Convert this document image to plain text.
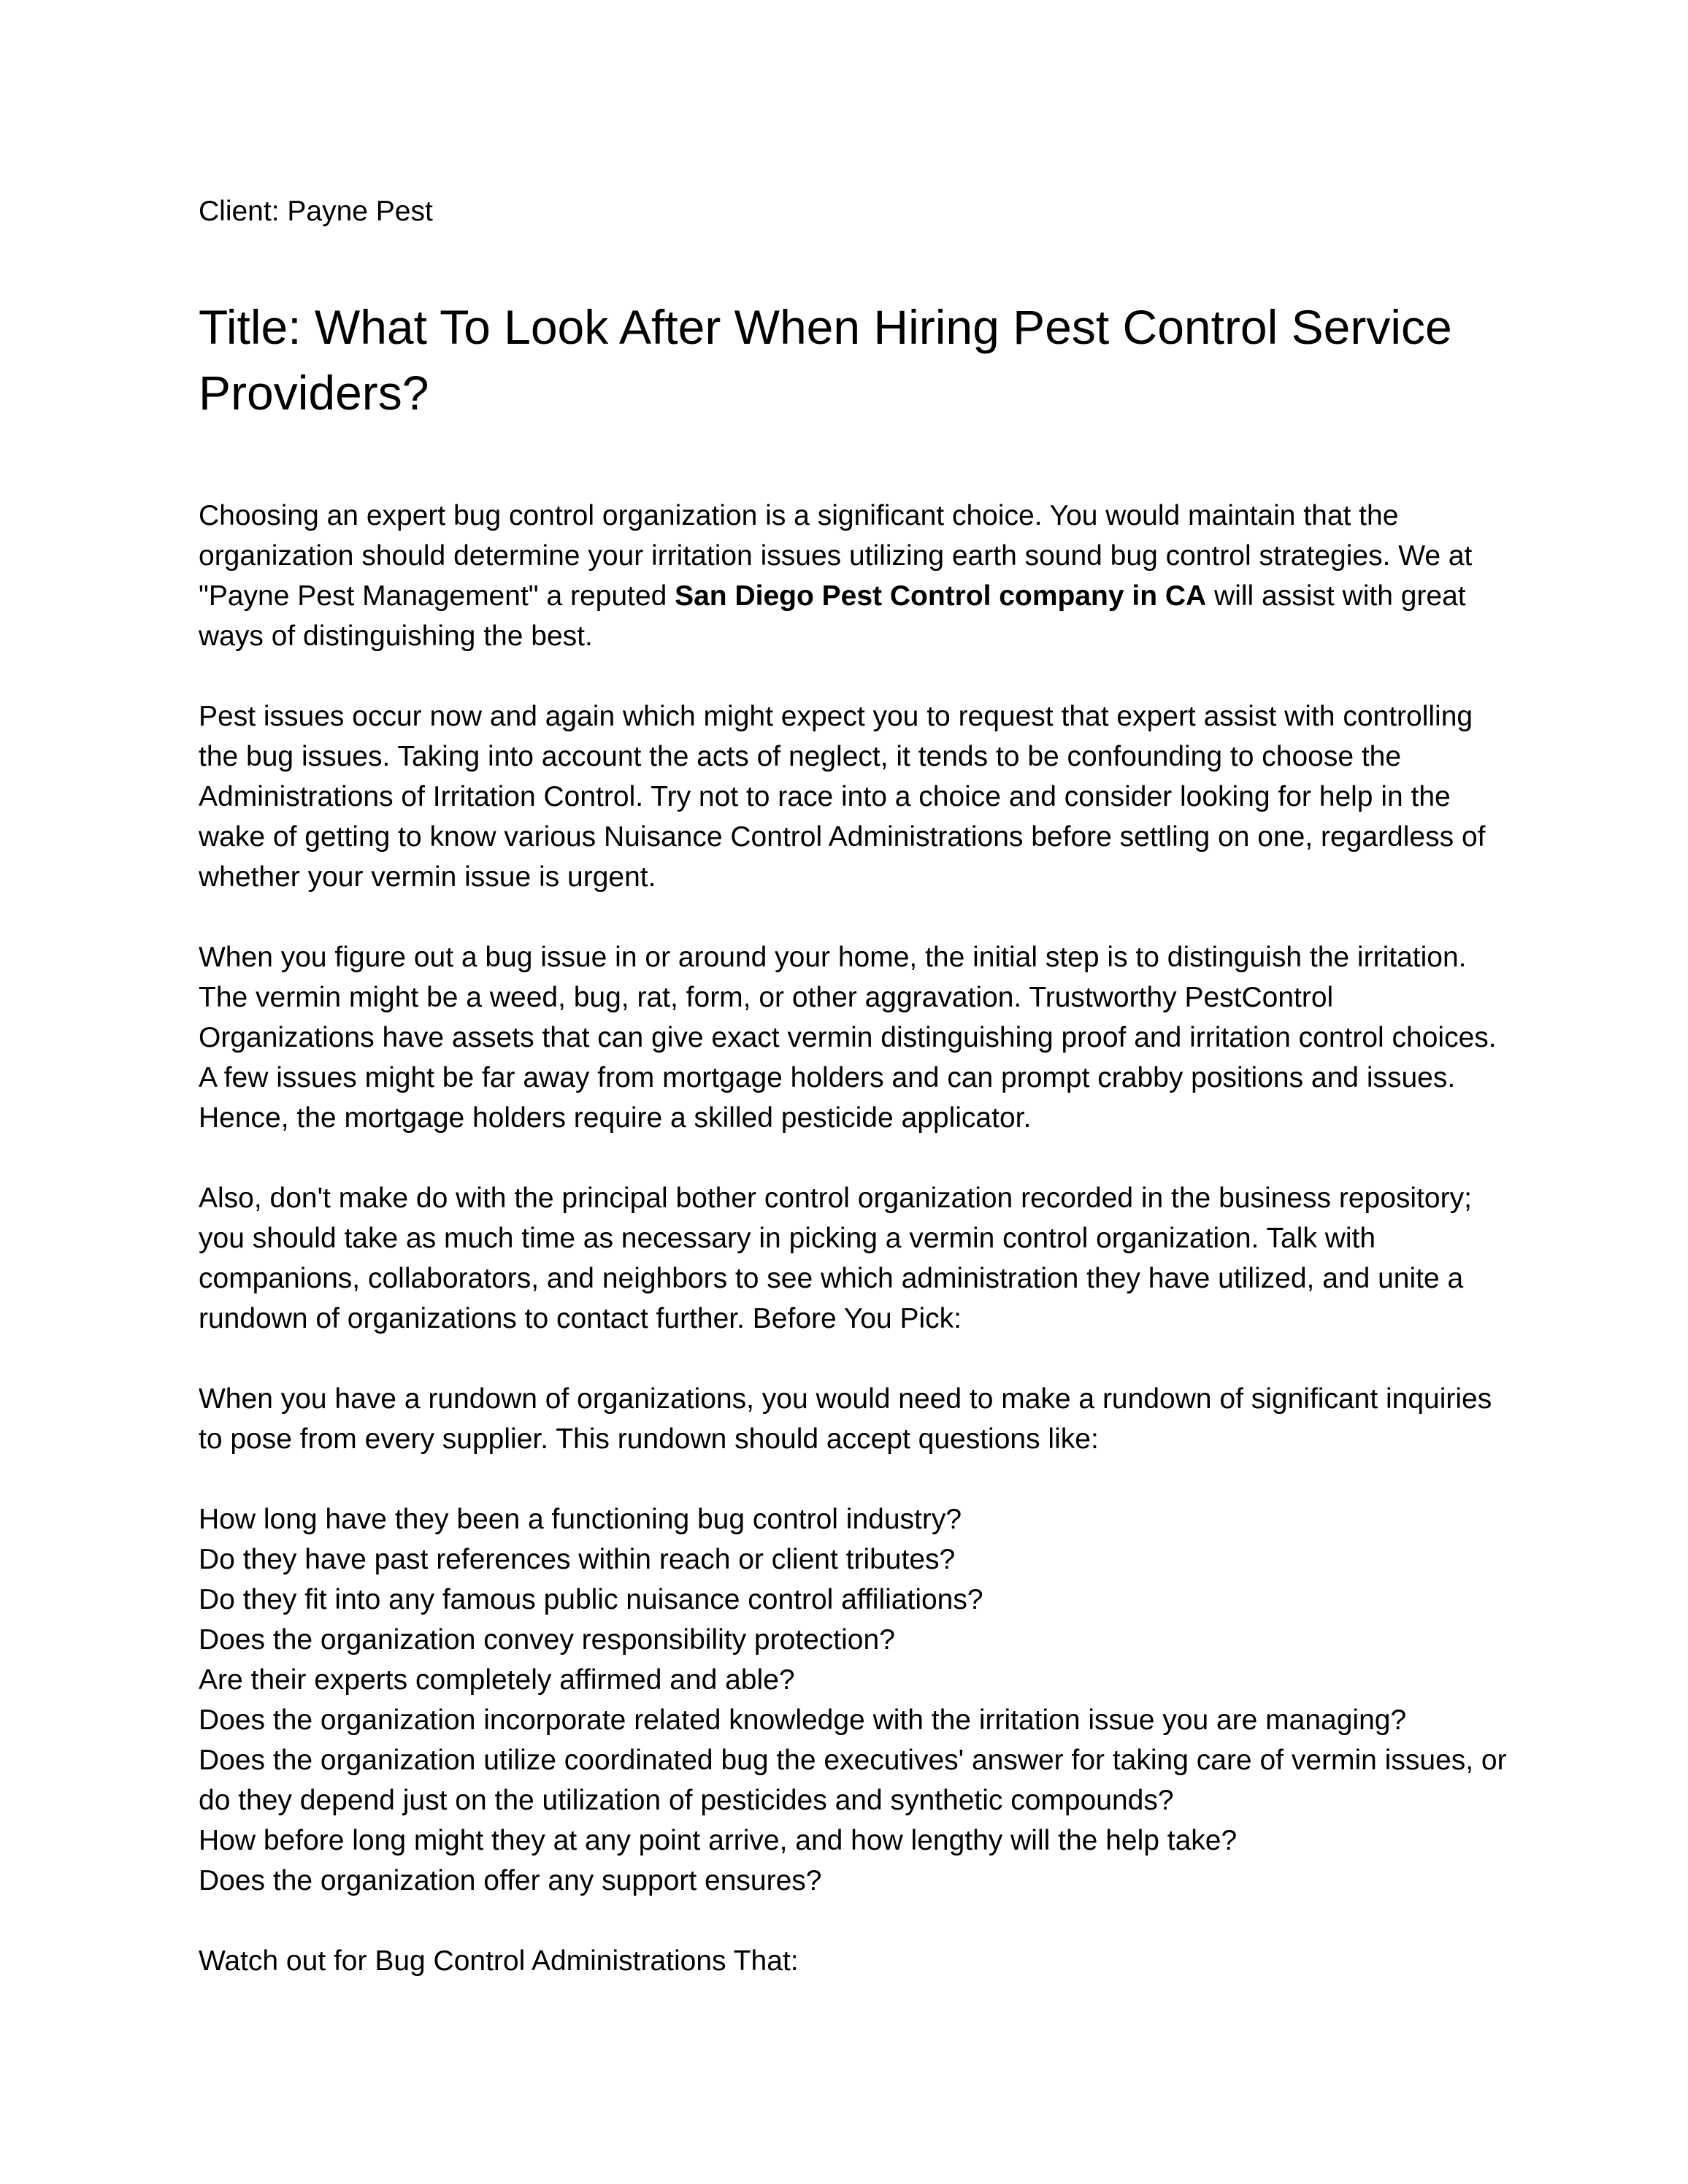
Client: Payne Pest

Title: What To Look After When Hiring Pest Control Service Providers?

Choosing an expert bug control organization is a significant choice. You would maintain that the organization should determine your irritation issues utilizing earth sound bug control strategies. We at "Payne Pest Management" a reputed San Diego Pest Control company in CA will assist with great ways of distinguishing the best.

Pest issues occur now and again which might expect you to request that expert assist with controlling the bug issues. Taking into account the acts of neglect, it tends to be confounding to choose the Administrations of Irritation Control. Try not to race into a choice and consider looking for help in the wake of getting to know various Nuisance Control Administrations before settling on one, regardless of whether your vermin issue is urgent.

When you figure out a bug issue in or around your home, the initial step is to distinguish the irritation. The vermin might be a weed, bug, rat, form, or other aggravation. Trustworthy PestControl Organizations have assets that can give exact vermin distinguishing proof and irritation control choices. A few issues might be far away from mortgage holders and can prompt crabby positions and issues. Hence, the mortgage holders require a skilled pesticide applicator.

Also, don't make do with the principal bother control organization recorded in the business repository; you should take as much time as necessary in picking a vermin control organization. Talk with companions, collaborators, and neighbors to see which administration they have utilized, and unite a rundown of organizations to contact further. Before You Pick:

When you have a rundown of organizations, you would need to make a rundown of significant inquiries to pose from every supplier. This rundown should accept questions like:

How long have they been a functioning bug control industry?
Do they have past references within reach or client tributes?
Do they fit into any famous public nuisance control affiliations?
Does the organization convey responsibility protection?
Are their experts completely affirmed and able?
Does the organization incorporate related knowledge with the irritation issue you are managing?
Does the organization utilize coordinated bug the executives' answer for taking care of vermin issues, or do they depend just on the utilization of pesticides and synthetic compounds?
How before long might they at any point arrive, and how lengthy will the help take?
Does the organization offer any support ensures?

Watch out for Bug Control Administrations That:
